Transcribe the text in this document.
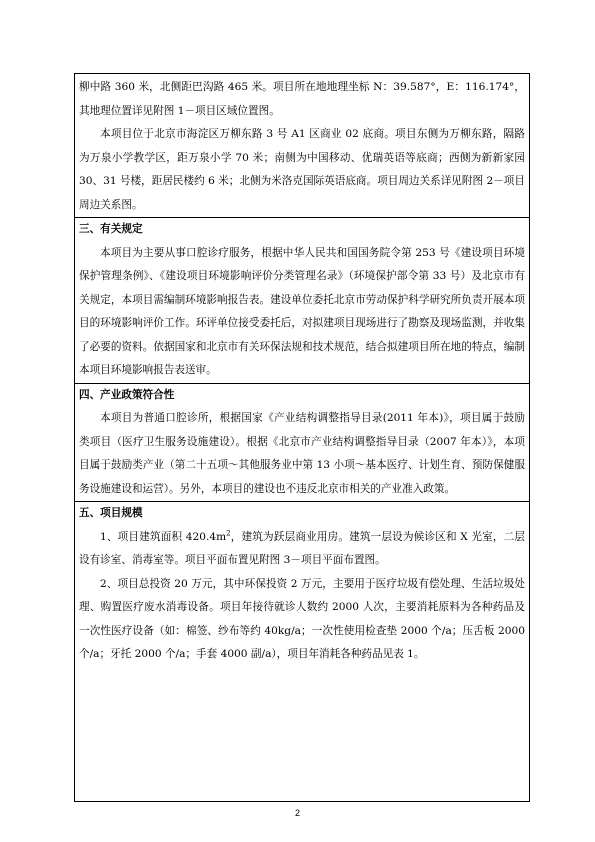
柳中路 360 米，北侧距巴沟路 465 米。项目所在地地理坐标 N：39.587°，E：116.174°，其地理位置详见附图 1－项目区域位置图。

本项目位于北京市海淀区万柳东路 3 号 A1 区商业 02 底商。项目东侧为万柳东路，隔路为万泉小学教学区，距万泉小学 70 米；南侧为中国移动、优瑞英语等底商；西侧为新新家园 30、31 号楼，距居民楼约 6 米；北侧为米洛克国际英语底商。项目周边关系详见附图 2－项目周边关系图。

三、有关规定

本项目为主要从事口腔诊疗服务，根据中华人民共和国国务院令第 253 号《建设项目环境保护管理条例》、《建设项目环境影响评价分类管理名录》（环境保护部令第 33 号）及北京市有关规定，本项目需编制环境影响报告表。建设单位委托北京市劳动保护科学研究所负责开展本项目的环境影响评价工作。环评单位接受委托后，对拟建项目现场进行了勘察及现场监测，并收集了必要的资料。依据国家和北京市有关环保法规和技术规范，结合拟建项目所在地的特点，编制本项目环境影响报告表送审。

四、产业政策符合性

本项目为普通口腔诊所，根据国家《产业结构调整指导目录(2011 年本)》，项目属于鼓励类项目（医疗卫生服务设施建设）。根据《北京市产业结构调整指导目录（2007 年本）》，本项目属于鼓励类产业（第二十五项～其他服务业中第 13 小项～基本医疗、计划生育、预防保健服务设施建设和运营）。另外，本项目的建设也不违反北京市相关的产业准入政策。

五、项目规模

1、项目建筑面积 $420.4m^2$，建筑为跃层商业用房。建筑一层设为候诊区和 X 光室，二层设有诊室、消毒室等。项目平面布置见附图 3－项目平面布置图。

2、项目总投资 20 万元，其中环保投资 2 万元，主要用于医疗垃圾有偿处理、生活垃圾处理、购置医疗废水消毒设备。项目年接待就诊人数约 2000 人次，主要消耗原料为各种药品及一次性医疗设备（如：棉签、纱布等约 40kg/a；一次性使用检查垫 2000 个/a；压舌板 2000 个/a；牙托 2000 个/a；手套 4000 副/a），项目年消耗各种药品见表 1。

2
